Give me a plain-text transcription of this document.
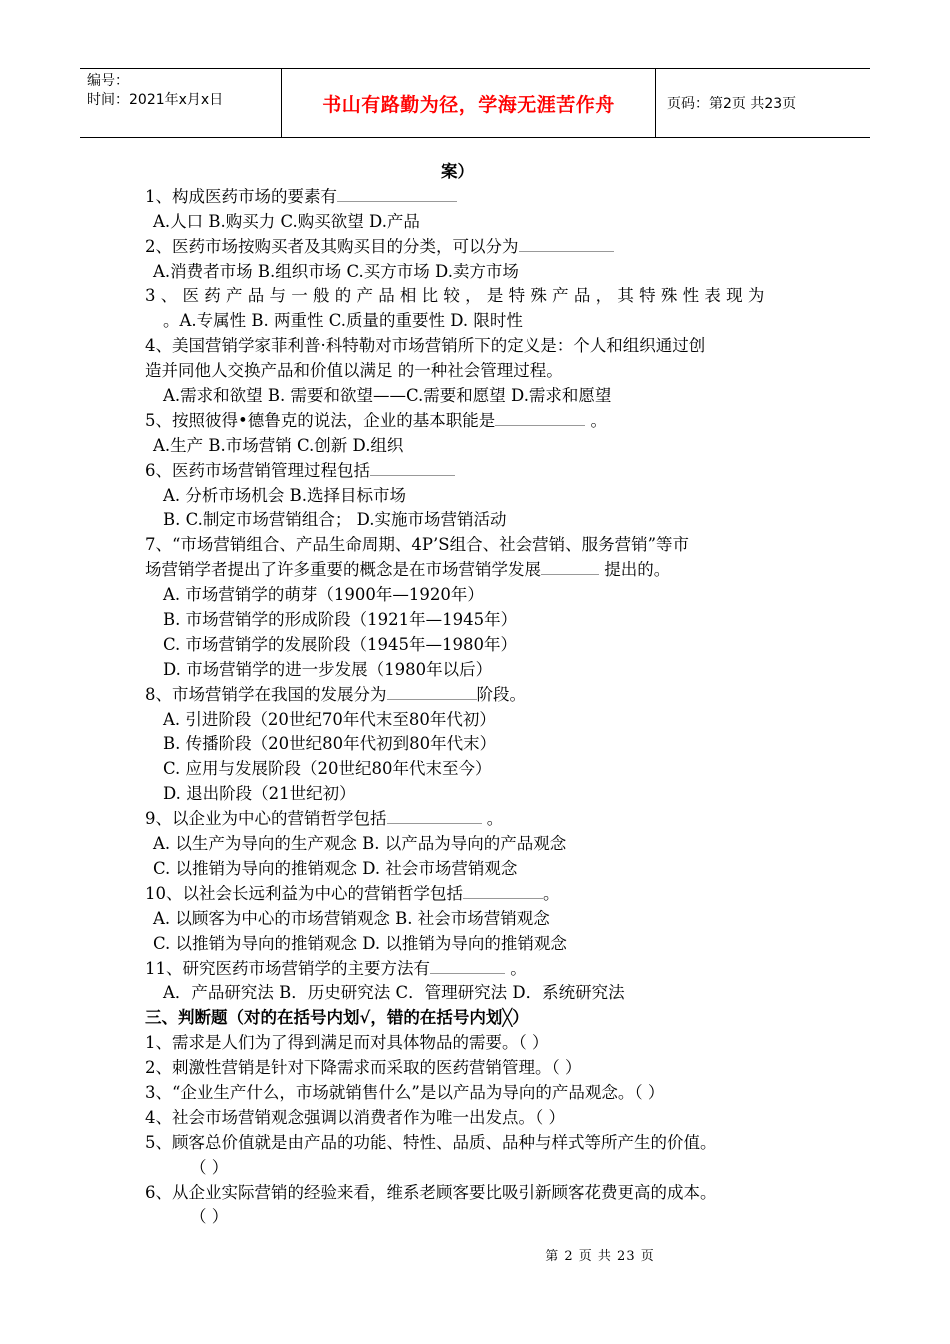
编号：
时间：2021年x月x日	书山有路勤为径，学海无涯苦作舟	页码：第2页 共23页
案）
1、构成医药市场的要素有
A.人口 B.购买力 C.购买欲望 D.产品
2、医药市场按购买者及其购买目的分类，可以分为
A.消费者市场 B.组织市场 C.买方市场 D.卖方市场
3 、 医 药 产 品 与 一 般 的 产 品 相 比 较 ， 是 特 殊 产 品 ， 其 特 殊 性 表 现 为
。A.专属性 B. 两重性 C.质量的重要性 D. 限时性
4、美国营销学家菲利普·科特勒对市场营销所下的定义是：个人和组织通过创
造并同他人交换产品和价值以满足 的一种社会管理过程。
A.需求和欲望 B. 需要和欲望——C.需要和愿望 D.需求和愿望
5、按照彼得•德鲁克的说法，企业的基本职能是	。
A.生产 B.市场营销 C.创新 D.组织
6、医药市场营销管理过程包括
A. 分析市场机会 B.选择目标市场
B. C.制定市场营销组合； D.实施市场营销活动
7、“市场营销组合、产品生命周期、4P’S组合、社会营销、服务营销”等市
场营销学者提出了许多重要的概念是在市场营销学发展	提出的。
A. 市场营销学的萌芽（1900年—1920年）
B. 市场营销学的形成阶段（1921年—1945年）
C. 市场营销学的发展阶段（1945年—1980年）
D. 市场营销学的进一步发展（1980年以后）
8、市场营销学在我国的发展分为	阶段。
A. 引进阶段（20世纪70年代末至80年代初）
B. 传播阶段（20世纪80年代初到80年代末）
C. 应用与发展阶段（20世纪80年代末至今）
D. 退出阶段（21世纪初）
9、以企业为中心的营销哲学包括	。
A. 以生产为导向的生产观念 B. 以产品为导向的产品观念
C. 以推销为导向的推销观念 D. 社会市场营销观念
10、以社会长远利益为中心的营销哲学包括	。
A. 以顾客为中心的市场营销观念 B. 社会市场营销观念
C. 以推销为导向的推销观念 D. 以推销为导向的推销观念
11、研究医药市场营销学的主要方法有	。
A．产品研究法 B．历史研究法 C．管理研究法 D．系统研究法
三、判断题（对的在括号内划√，错的在括号内划╳）
1、需求是人们为了得到满足而对具体物品的需要。（ ）
2、刺激性营销是针对下降需求而采取的医药营销管理。（ ）
3、“企业生产什么，市场就销售什么”是以产品为导向的产品观念。（ ）
4、社会市场营销观念强调以消费者作为唯一出发点。（ ）
5、顾客总价值就是由产品的功能、特性、品质、品种与样式等所产生的价值。
（ ）
6、从企业实际营销的经验来看，维系老顾客要比吸引新顾客花费更高的成本。
（ ）
第 2 页 共 23 页
